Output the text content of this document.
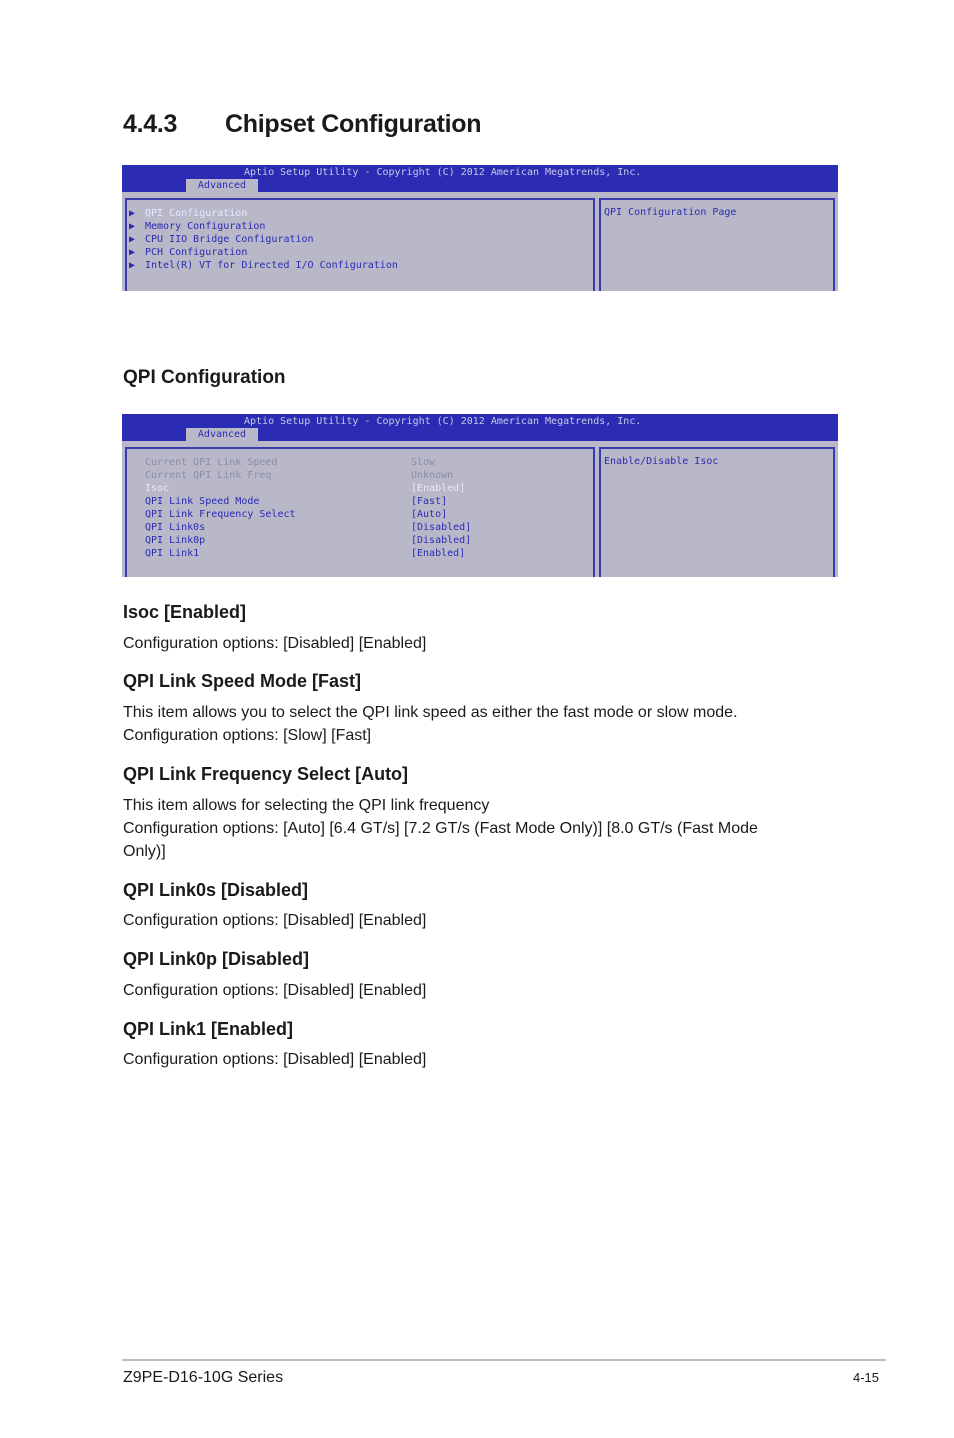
4.4.3 Chipset Configuration
Aptio Setup Utility - Copyright (C) 2012 American Megatrends, Inc.
Advanced
▶ QPI Configuration
▶ Memory Configuration
▶ CPU IIO Bridge Configuration
▶ PCH Configuration
▶ Intel(R) VT for Directed I/O Configuration
QPI Configuration Page
QPI Configuration
Aptio Setup Utility - Copyright (C) 2012 American Megatrends, Inc.
Advanced
Current QPI Link Speed	Slow
Current QPI Link Freq	Unknown
Isoc	[Enabled]
QPI Link Speed Mode	[Fast]
QPI Link Frequency Select	[Auto]
QPI Link0s	[Disabled]
QPI Link0p	[Disabled]
QPI Link1	[Enabled]
Enable/Disable Isoc
Isoc [Enabled]
Configuration options: [Disabled] [Enabled]
QPI Link Speed Mode [Fast]
This item allows you to select the QPI link speed as either the fast mode or slow mode.
Configuration options: [Slow] [Fast]
QPI Link Frequency Select [Auto]
This item allows for selecting the QPI link frequency
Configuration options: [Auto] [6.4 GT/s] [7.2 GT/s (Fast Mode Only)] [8.0 GT/s (Fast Mode
Only)]
QPI Link0s [Disabled]
Configuration options: [Disabled] [Enabled]
QPI Link0p [Disabled]
Configuration options: [Disabled] [Enabled]
QPI Link1 [Enabled]
Configuration options: [Disabled] [Enabled]
Z9PE-D16-10G Series	4-15
